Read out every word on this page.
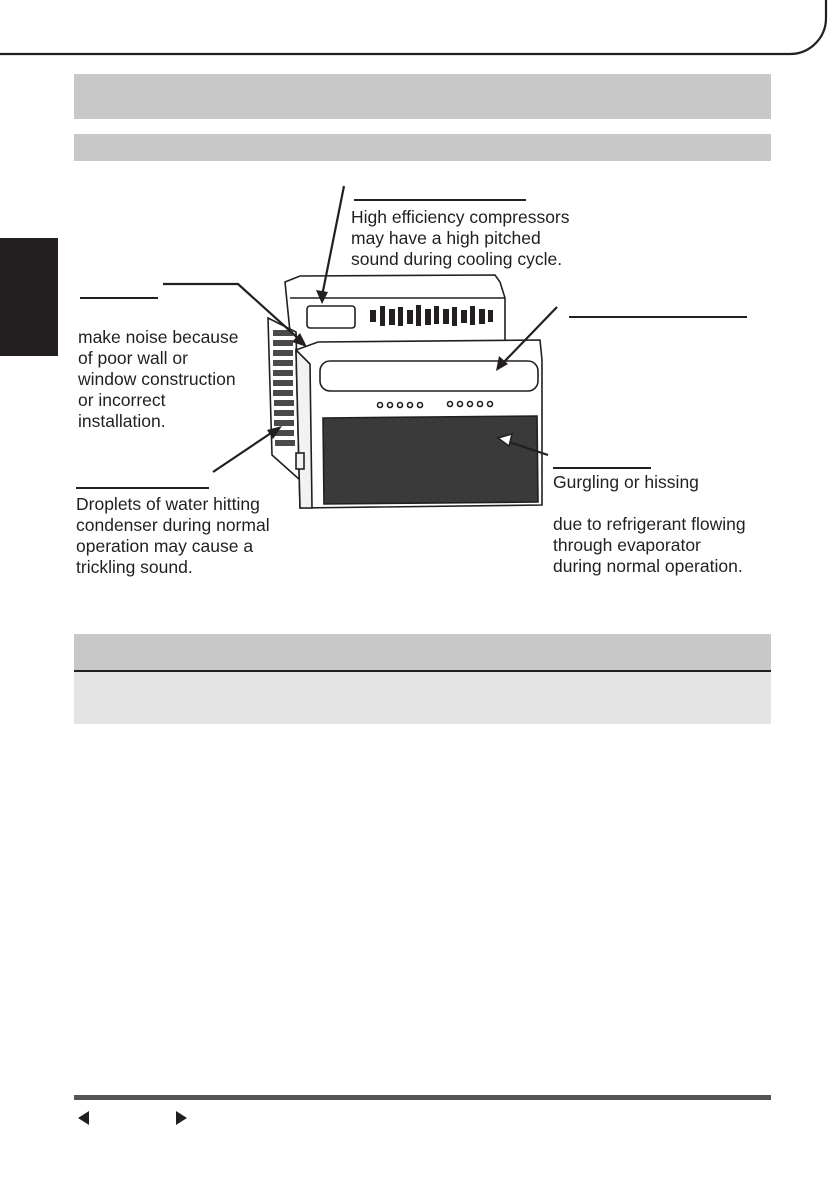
High efficiency compressors
may have a high pitched
sound during cooling cycle.
make noise because
of poor wall or
window construction
or incorrect
installation.
Droplets of water hitting
condenser during normal
operation may cause a
trickling sound.
Gurgling or hissing
due to refrigerant flowing
through evaporator
during normal operation.
